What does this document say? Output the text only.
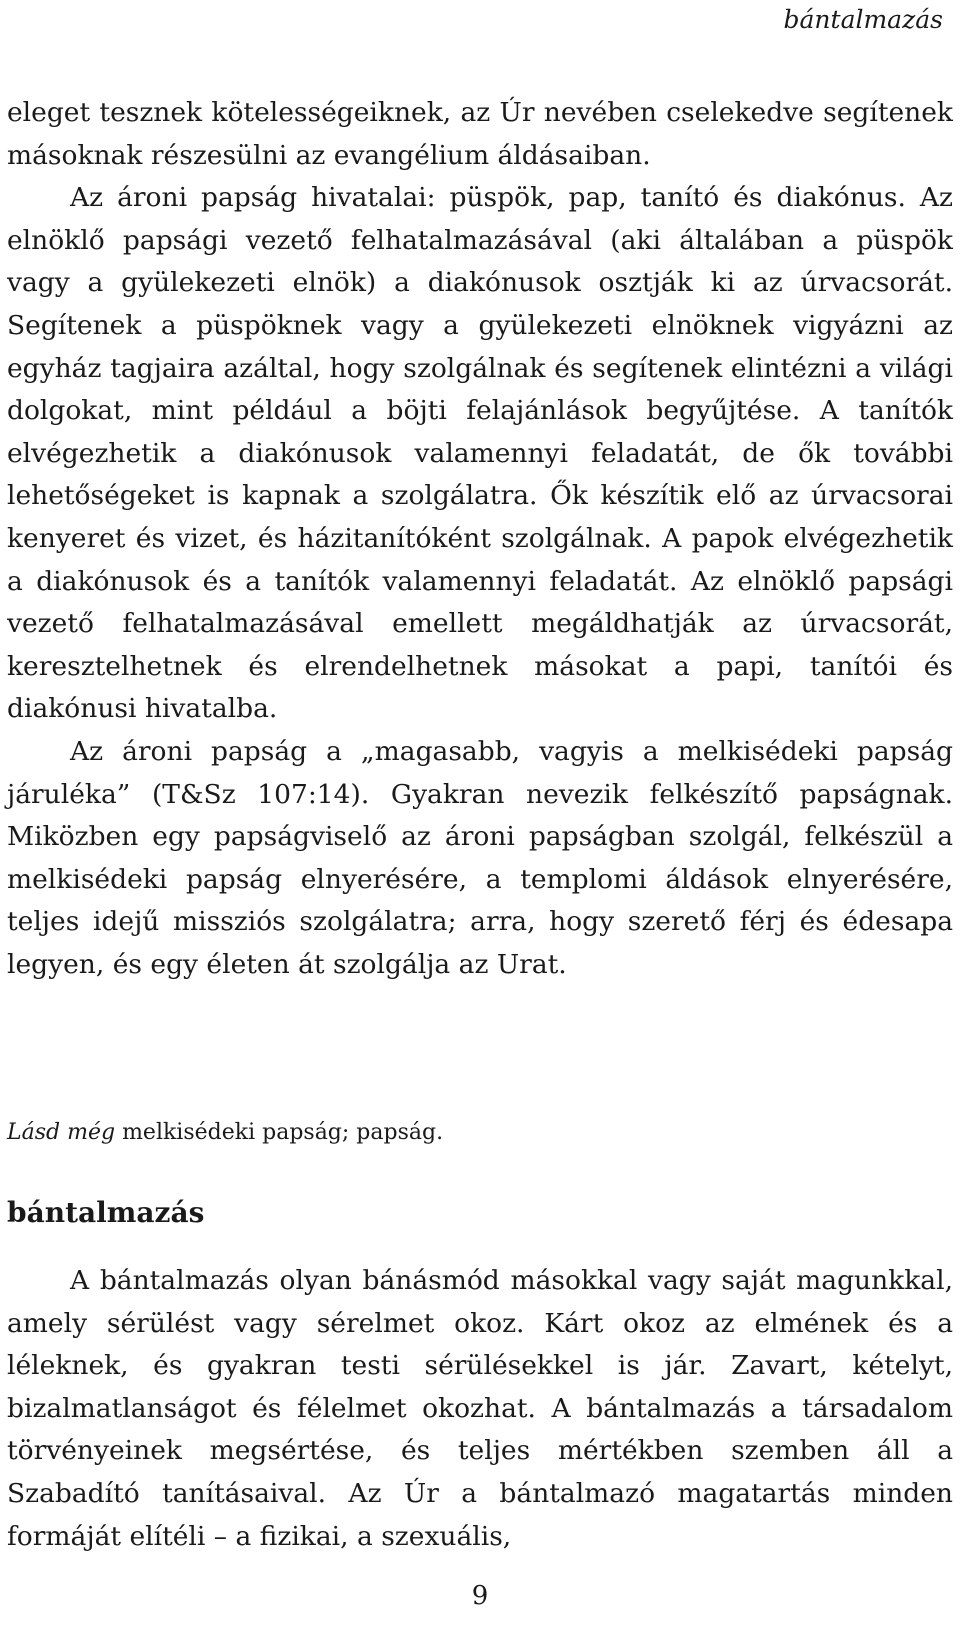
bántalmazás

eleget tesznek kötelességeiknek, az Úr nevében cselekedve segítenek másoknak részesülni az evangélium áldásaiban.

Az ároni papság hivatalai: püspök, pap, tanító és diakónus. Az elnöklő papsági vezető felhatalmazásával (aki általában a püspök vagy a gyülekezeti elnök) a diakónusok osztják ki az úrvacsorát. Segítenek a püspöknek vagy a gyülekezeti elnöknek vigyázni az egyház tagjaira azáltal, hogy szolgálnak és segítenek elintézni a világi dolgokat, mint például a böjti felajánlások begyűjtése. A tanítók elvégezhetik a diakónusok valamennyi feladatát, de ők további lehetőségeket is kapnak a szolgálatra. Ők készítik elő az úrvacsorai kenyeret és vizet, és házitanítóként szolgálnak. A papok elvégezhetik a diakónusok és a tanítók valamennyi feladatát. Az elnöklő papsági vezető felhatalmazásával emellett megáldhatják az úrvacsorát, keresztelhetnek és elrendelhetnek másokat a papi, tanítói és diakónusi hivatalba.

Az ároni papság a „magasabb, vagyis a melkisédeki papság járuléka” (T&Sz 107:14). Gyakran nevezik felkészítő papságnak. Miközben egy papságviselő az ároni papságban szolgál, felkészül a melkisédeki papság elnyerésére, a templomi áldások elnyerésére, teljes idejű missziós szolgálatra; arra, hogy szerető férj és édesapa legyen, és egy életen át szolgálja az Urat.

Lásd még melkisédeki papság; papság.
bántalmazás

A bántalmazás olyan bánásmód másokkal vagy saját magunkkal, amely sérülést vagy sérelmet okoz. Kárt okoz az elmének és a léleknek, és gyakran testi sérülésekkel is jár. Zavart, kételyt, bizalmatlanságot és félelmet okozhat. A bántalmazás a társadalom törvényeinek megsértése, és teljes mértékben szemben áll a Szabadító tanításaival. Az Úr a bántalmazó magatartás minden formáját elítéli – a fizikai, a szexuális,

9
